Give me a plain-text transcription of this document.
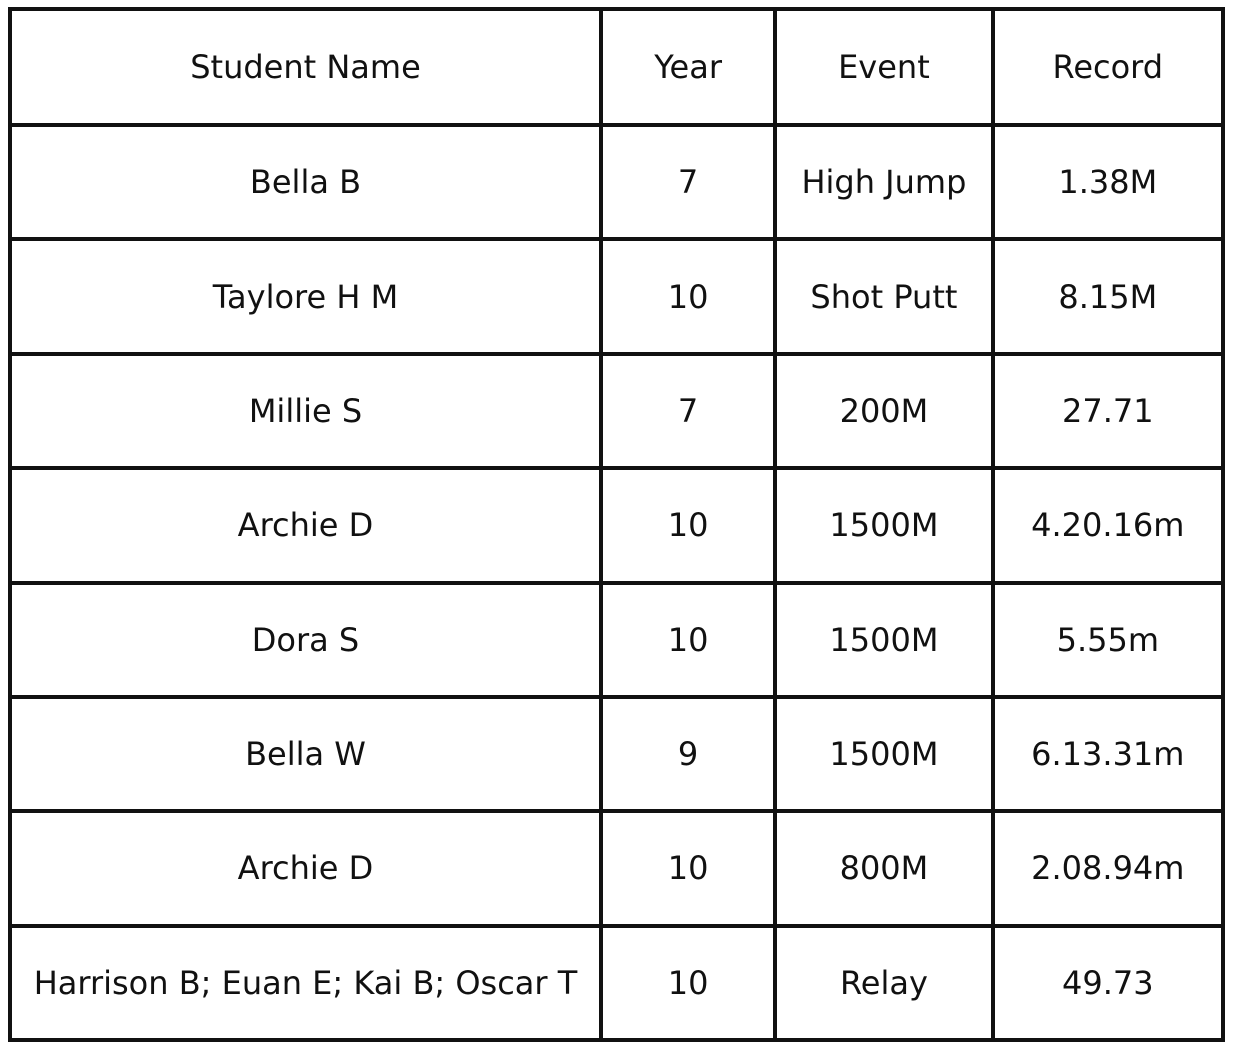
Student Name	Year	Event	Record
Bella B	7	High Jump	1.38M
Taylore H M	10	Shot Putt	8.15M
Millie S	7	200M	27.71
Archie D	10	1500M	4.20.16m
Dora S	10	1500M	5.55m
Bella W	9	1500M	6.13.31m
Archie D	10	800M	2.08.94m
Harrison B; Euan E; Kai B; Oscar T	10	Relay	49.73
